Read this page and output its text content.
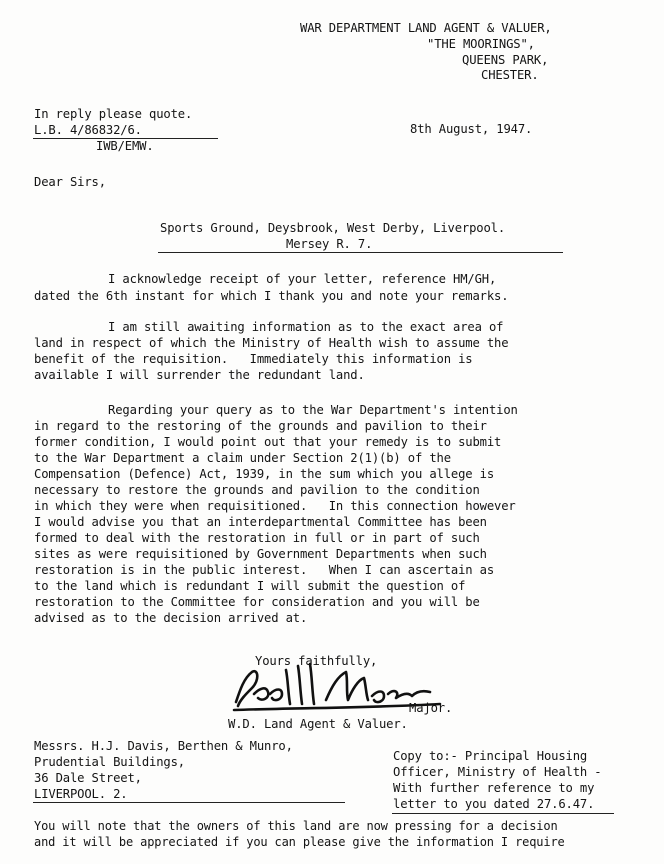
WAR DEPARTMENT LAND AGENT & VALUER,
"THE MOORINGS",
QUEENS PARK,
CHESTER.
In reply please quote.
L.B. 4/86832/6.
IWB/EMW.
8th August, 1947.
Dear Sirs,
Sports Ground, Deysbrook, West Derby, Liverpool.
Mersey R. 7.
I acknowledge receipt of your letter, reference HM/GH,
dated the 6th instant for which I thank you and note your remarks.
I am still awaiting information as to the exact area of
land in respect of which the Ministry of Health wish to assume the
benefit of the requisition.   Immediately this information is
available I will surrender the redundant land.
Regarding your query as to the War Department's intention
in regard to the restoring of the grounds and pavilion to their
former condition, I would point out that your remedy is to submit
to the War Department a claim under Section 2(1)(b) of the
Compensation (Defence) Act, 1939, in the sum which you allege is
necessary to restore the grounds and pavilion to the condition
in which they were when requisitioned.   In this connection however
I would advise you that an interdepartmental Committee has been
formed to deal with the restoration in full or in part of such
sites as were requisitioned by Government Departments when such
restoration is in the public interest.   When I can ascertain as
to the land which is redundant I will submit the question of
restoration to the Committee for consideration and you will be
advised as to the decision arrived at.
Yours faithfully,
Major.
W.D. Land Agent & Valuer.
Messrs. H.J. Davis, Berthen & Munro,
Prudential Buildings,
36 Dale Street,
LIVERPOOL. 2.
Copy to:- Principal Housing
Officer, Ministry of Health -
With further reference to my
letter to you dated 27.6.47.
You will note that the owners of this land are now pressing for a decision
and it will be appreciated if you can please give the information I require
